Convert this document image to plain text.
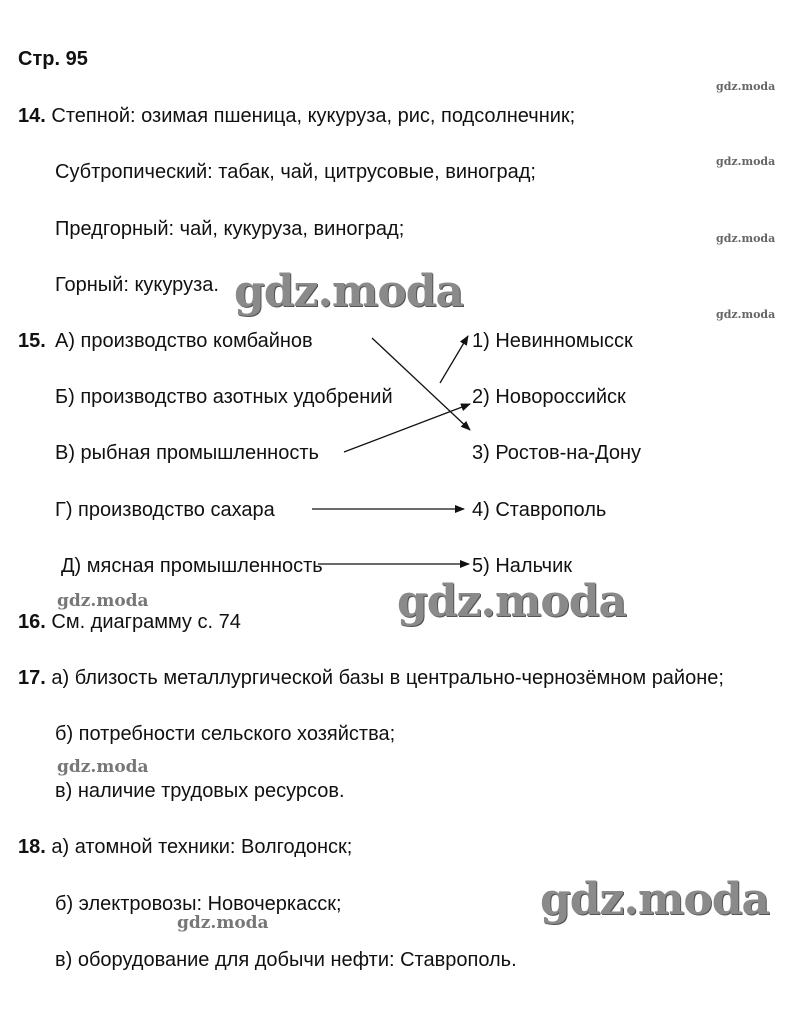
Стр. 95
gdz.moda
gdz.moda
gdz.moda
gdz.moda
14. Степной: озимая пшеница, кукуруза, рис, подсолнечник;
Субтропический: табак, чай, цитрусовые, виноград;
Предгорный: чай, кукуруза, виноград;
Горный: кукуруза. gdz.moda
15. А) производство комбайнов
Б) производство азотных удобрений
В) рыбная промышленность
Г) производство сахара
Д) мясная промышленность
1) Невинномысск
2) Новороссийск
3) Ростов-на-Дону
4) Ставрополь
5) Нальчик
gdz.moda	gdz.moda
16. См. диаграмму с. 74
17. а) близость металлургической базы в центрально-чернозёмном районе;
б) потребности сельского хозяйства;
gdz.moda
в) наличие трудовых ресурсов.
18. а) атомной техники: Волгодонск;
б) электровозы: Новочеркасск;	gdz.moda
gdz.moda
в) оборудование для добычи нефти: Ставрополь.
